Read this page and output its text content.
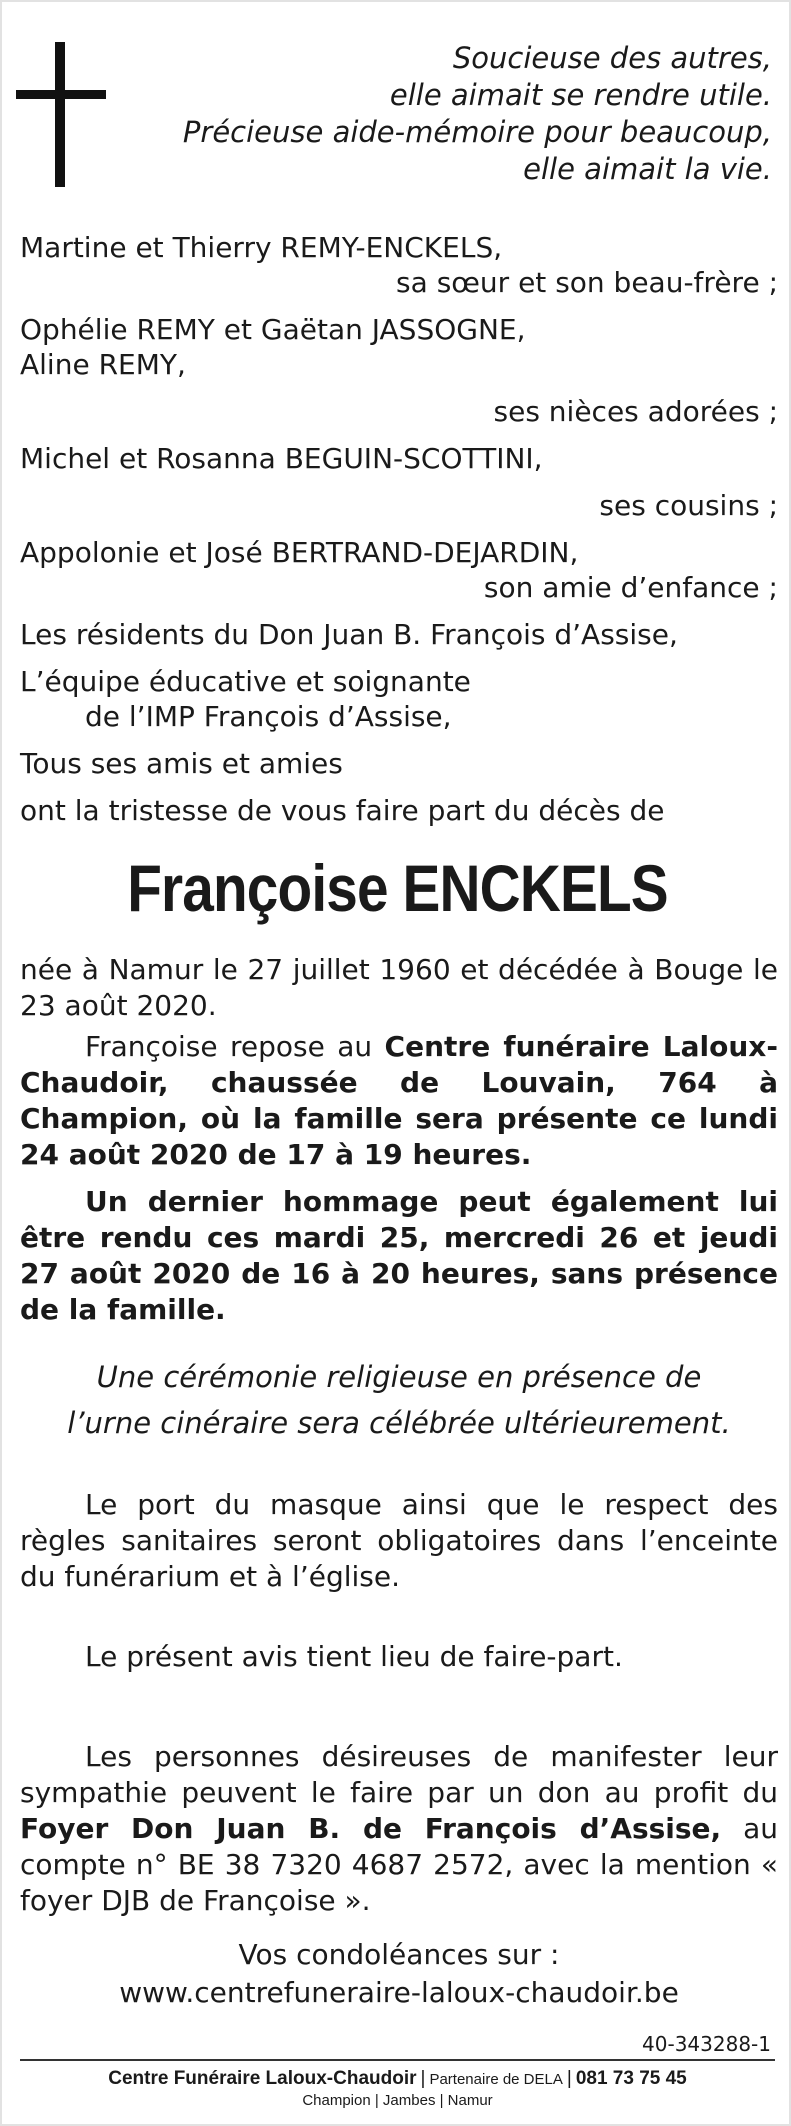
Soucieuse des autres,
elle aimait se rendre utile.
Précieuse aide-mémoire pour beaucoup,
elle aimait la vie.
Martine et Thierry REMY-ENCKELS,
sa sœur et son beau-frère ;
Ophélie REMY et Gaëtan JASSOGNE,
Aline REMY,
ses nièces adorées ;
Michel et Rosanna BEGUIN-SCOTTINI,
ses cousins ;
Appolonie et José BERTRAND-DEJARDIN,
son amie d’enfance ;
Les résidents du Don Juan B. François d’Assise,
L’équipe éducative et soignante
de l’IMP François d’Assise,
Tous ses amis et amies
ont la tristesse de vous faire part du décès de
Françoise ENCKELS
née à Namur le 27 juillet 1960 et décédée à Bouge le 23 août 2020.
Françoise repose au Centre funéraire Laloux-Chaudoir, chaussée de Louvain, 764 à Champion, où la famille sera présente ce lundi 24 août 2020 de 17 à 19 heures.
Un dernier hommage peut également lui être rendu ces mardi 25, mercredi 26 et jeudi 27 août 2020 de 16 à 20 heures, sans présence de la famille.
Une cérémonie religieuse en présence de
l’urne cinéraire sera célébrée ultérieurement.
Le port du masque ainsi que le respect des règles sanitaires seront obligatoires dans l’enceinte du funérarium et à l’église.
Le présent avis tient lieu de faire-part.
Les personnes désireuses de manifester leur sympathie peuvent le faire par un don au profit du Foyer Don Juan B. de François d’Assise, au compte n° BE 38 7320 4687 2572, avec la mention « foyer DJB de Françoise ».
Vos condoléances sur :
www.centrefuneraire-laloux-chaudoir.be
40-343288-1
Centre Funéraire Laloux-Chaudoir | Partenaire de DELA | 081 73 75 45
Champion | Jambes | Namur
